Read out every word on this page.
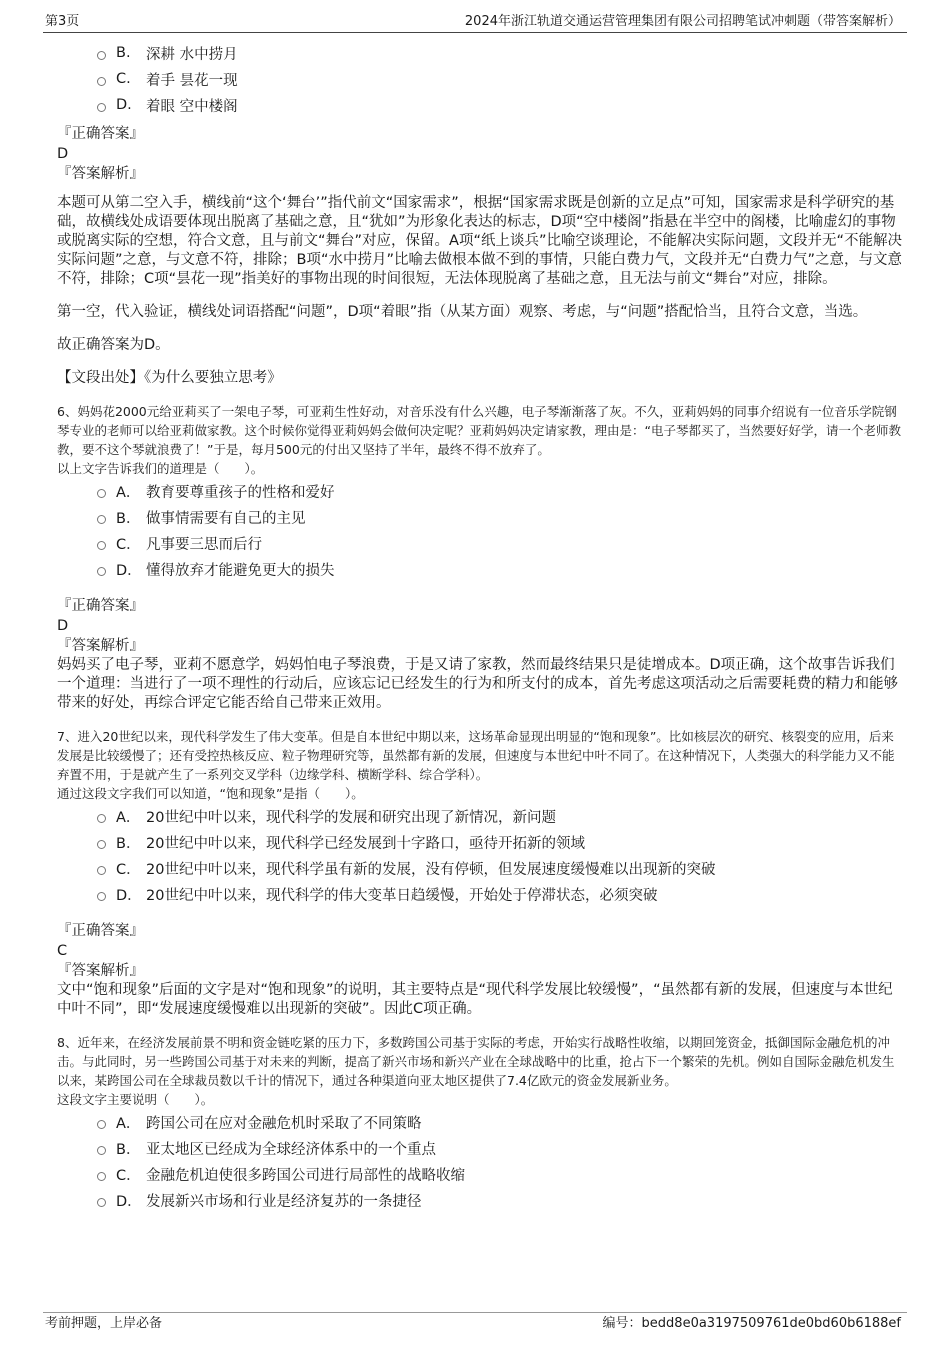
第3页	2024年浙江轨道交通运营管理集团有限公司招聘笔试冲刺题（带答案解析）
B.	深耕 水中捞月
C.	着手 昙花一现
D. 着眼 空中楼阁
『正确答案』
D
『答案解析』

本题可从第二空入手，横线前“这个‘舞台’”指代前文“国家需求”，根据“国家需求既是创新的立足点”可知，国家需求是科学研究的基础，故横线处成语要体现出脱离了基础之意，且“犹如”为形象化表达的标志，D项“空中楼阁”指悬在半空中的阁楼，比喻虚幻的事物或脱离实际的空想，符合文意，且与前文“舞台”对应，保留。A项“纸上谈兵”比喻空谈理论，不能解决实际问题，文段并无“不能解决实际问题”之意，与文意不符，排除；B项“水中捞月”比喻去做根本做不到的事情，只能白费力气，文段并无“白费力气”之意，与文意不符，排除；C项“昙花一现”指美好的事物出现的时间很短，无法体现脱离了基础之意，且无法与前文“舞台”对应，排除。

第一空，代入验证，横线处词语搭配“问题”，D项“着眼”指（从某方面）观察、考虑，与“问题”搭配恰当，且符合文意，当选。

故正确答案为D。

【文段出处】《为什么要独立思考》

6、妈妈花2000元给亚莉买了一架电子琴，可亚莉生性好动，对音乐没有什么兴趣，电子琴渐渐落了灰。不久，亚莉妈妈的同事介绍说有一位音乐学院钢琴专业的老师可以给亚莉做家教。这个时候你觉得亚莉妈妈会做何决定呢？亚莉妈妈决定请家教，理由是：“电子琴都买了，当然要好好学，请一个老师教教，要不这个琴就浪费了！”于是，每月500元的付出又坚持了半年，最终不得不放弃了。

以上文字告诉我们的道理是（　　）。

A． 教育要尊重孩子的性格和爱好
B． 做事情需要有自己的主见
C． 凡事要三思而后行
D． 懂得放弃才能避免更大的损失
『正确答案』
D
『答案解析』

妈妈买了电子琴，亚莉不愿意学，妈妈怕电子琴浪费，于是又请了家教，然而最终结果只是徒增成本。D项正确，这个故事告诉我们一个道理：当进行了一项不理性的行动后，应该忘记已经发生的行为和所支付的成本，首先考虑这项活动之后需要耗费的精力和能够带来的好处，再综合评定它能否给自己带来正效用。

7、进入20世纪以来，现代科学发生了伟大变革。但是自本世纪中期以来，这场革命显现出明显的“饱和现象”。比如核层次的研究、核裂变的应用，后来发展是比较缓慢了；还有受控热核反应、粒子物理研究等，虽然都有新的发展，但速度与本世纪中叶不同了。在这种情况下，人类强大的科学能力又不能弃置不用，于是就产生了一系列交叉学科（边缘学科、横断学科、综合学科）。

通过这段文字我们可以知道，“饱和现象”是指（　　）。

A． 20世纪中叶以来，现代科学的发展和研究出现了新情况，新问题
B． 20世纪中叶以来，现代科学已经发展到十字路口，亟待开拓新的领域
C． 20世纪中叶以来，现代科学虽有新的发展，没有停顿，但发展速度缓慢难以出现新的突破
D． 20世纪中叶以来，现代科学的伟大变革日趋缓慢，开始处于停滞状态，必须突破
『正确答案』
C
『答案解析』

文中“饱和现象”后面的文字是对“饱和现象”的说明，其主要特点是“现代科学发展比较缓慢”，“虽然都有新的发展，但速度与本世纪中叶不同”，即“发展速度缓慢难以出现新的突破”。因此C项正确。

8、近年来，在经济发展前景不明和资金链吃紧的压力下，多数跨国公司基于实际的考虑，开始实行战略性收缩，以期回笼资金，抵御国际金融危机的冲击。与此同时，另一些跨国公司基于对未来的判断，提高了新兴市场和新兴产业在全球战略中的比重，抢占下一个繁荣的先机。例如自国际金融危机发生以来，某跨国公司在全球裁员数以千计的情况下，通过各种渠道向亚太地区提供了7.4亿欧元的资金发展新业务。

这段文字主要说明（　　）。

A． 跨国公司在应对金融危机时采取了不同策略
B． 亚太地区已经成为全球经济体系中的一个重点
C． 金融危机迫使很多跨国公司进行局部性的战略收缩
D． 发展新兴市场和行业是经济复苏的一条捷径
考前押题，上岸必备	编号：bedd8e0a3197509761de0bd60b6188ef
